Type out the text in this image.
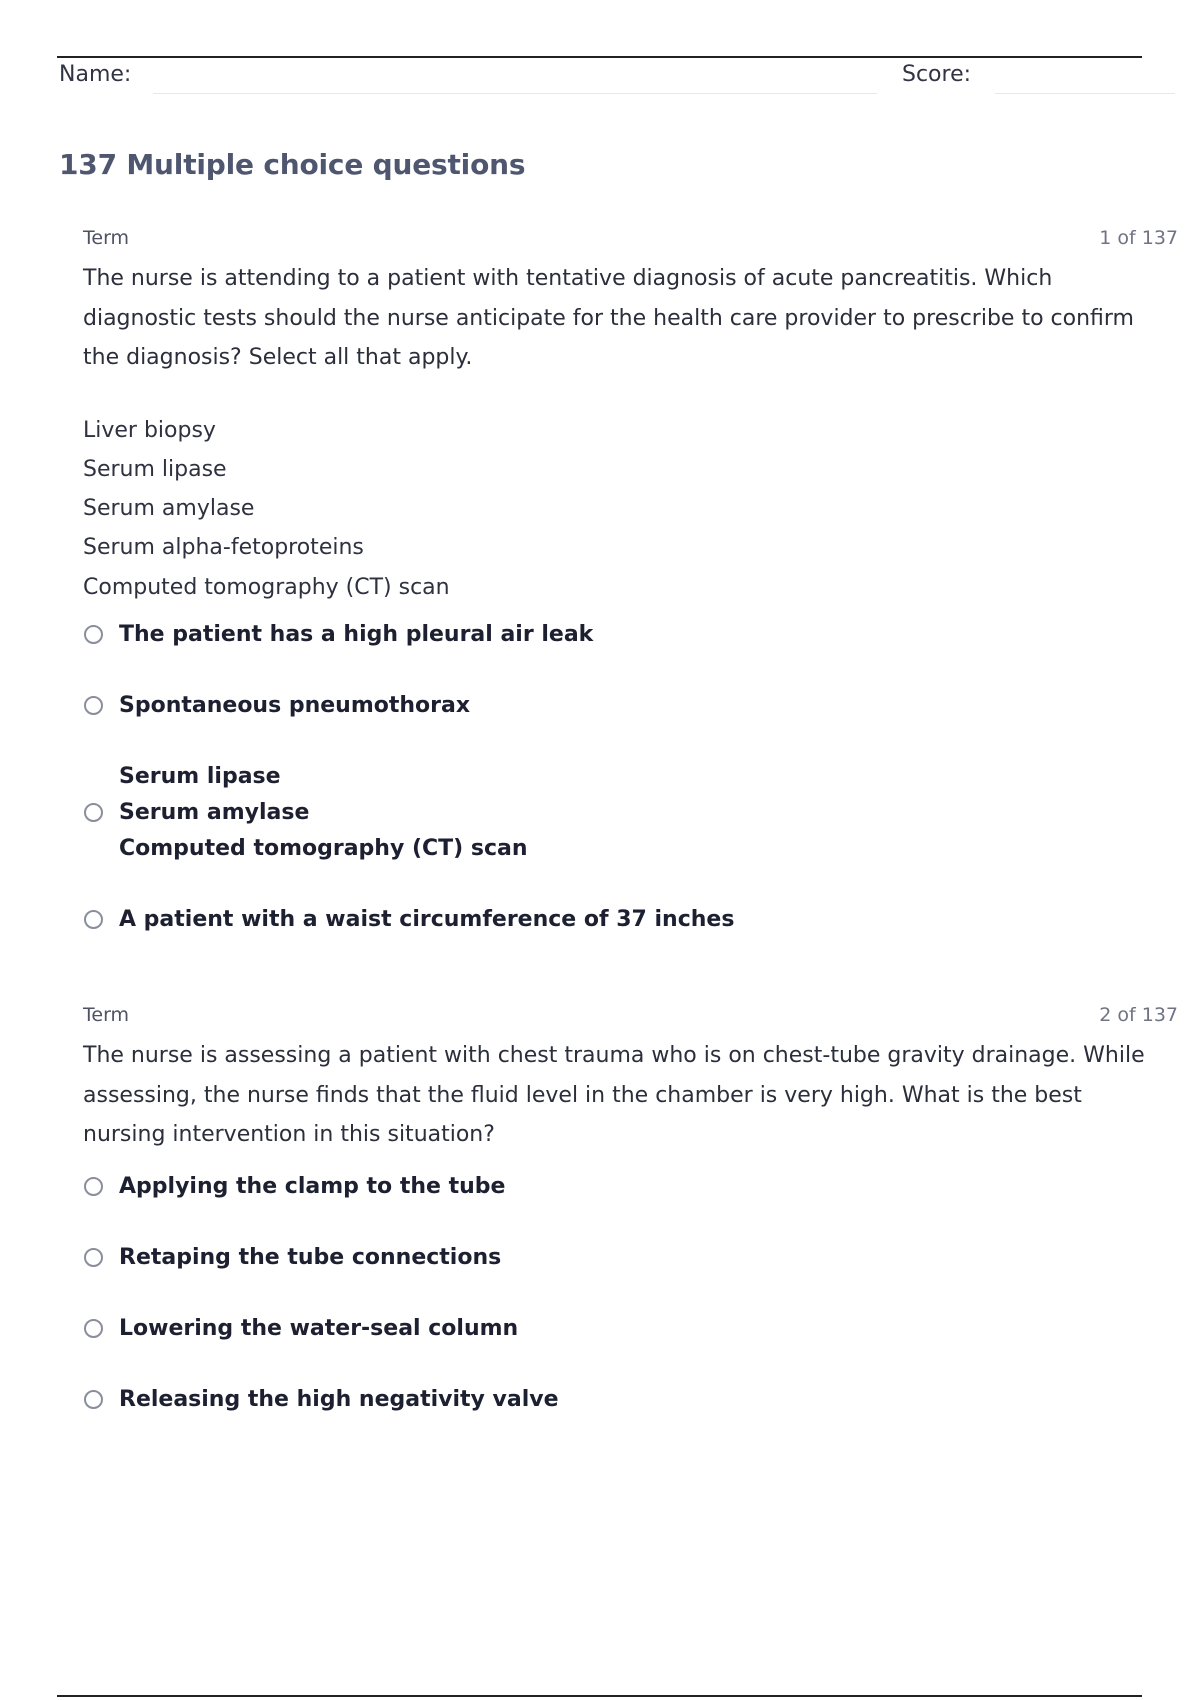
Name:	Score:
137 Multiple choice questions
Term	1 of 137

The nurse is attending to a patient with tentative diagnosis of acute pancreatitis. Which diagnostic tests should the nurse anticipate for the health care provider to prescribe to confirm the diagnosis? Select all that apply.

Liver biopsy
Serum lipase
Serum amylase
Serum alpha-fetoproteins
Computed tomography (CT) scan
The patient has a high pleural air leak
Spontaneous pneumothorax
Serum lipase
Serum amylase
Computed tomography (CT) scan
A patient with a waist circumference of 37 inches
Term	2 of 137

The nurse is assessing a patient with chest trauma who is on chest-tube gravity drainage. While assessing, the nurse finds that the fluid level in the chamber is very high. What is the best nursing intervention in this situation?

Applying the clamp to the tube
Retaping the tube connections
Lowering the water-seal column
Releasing the high negativity valve
